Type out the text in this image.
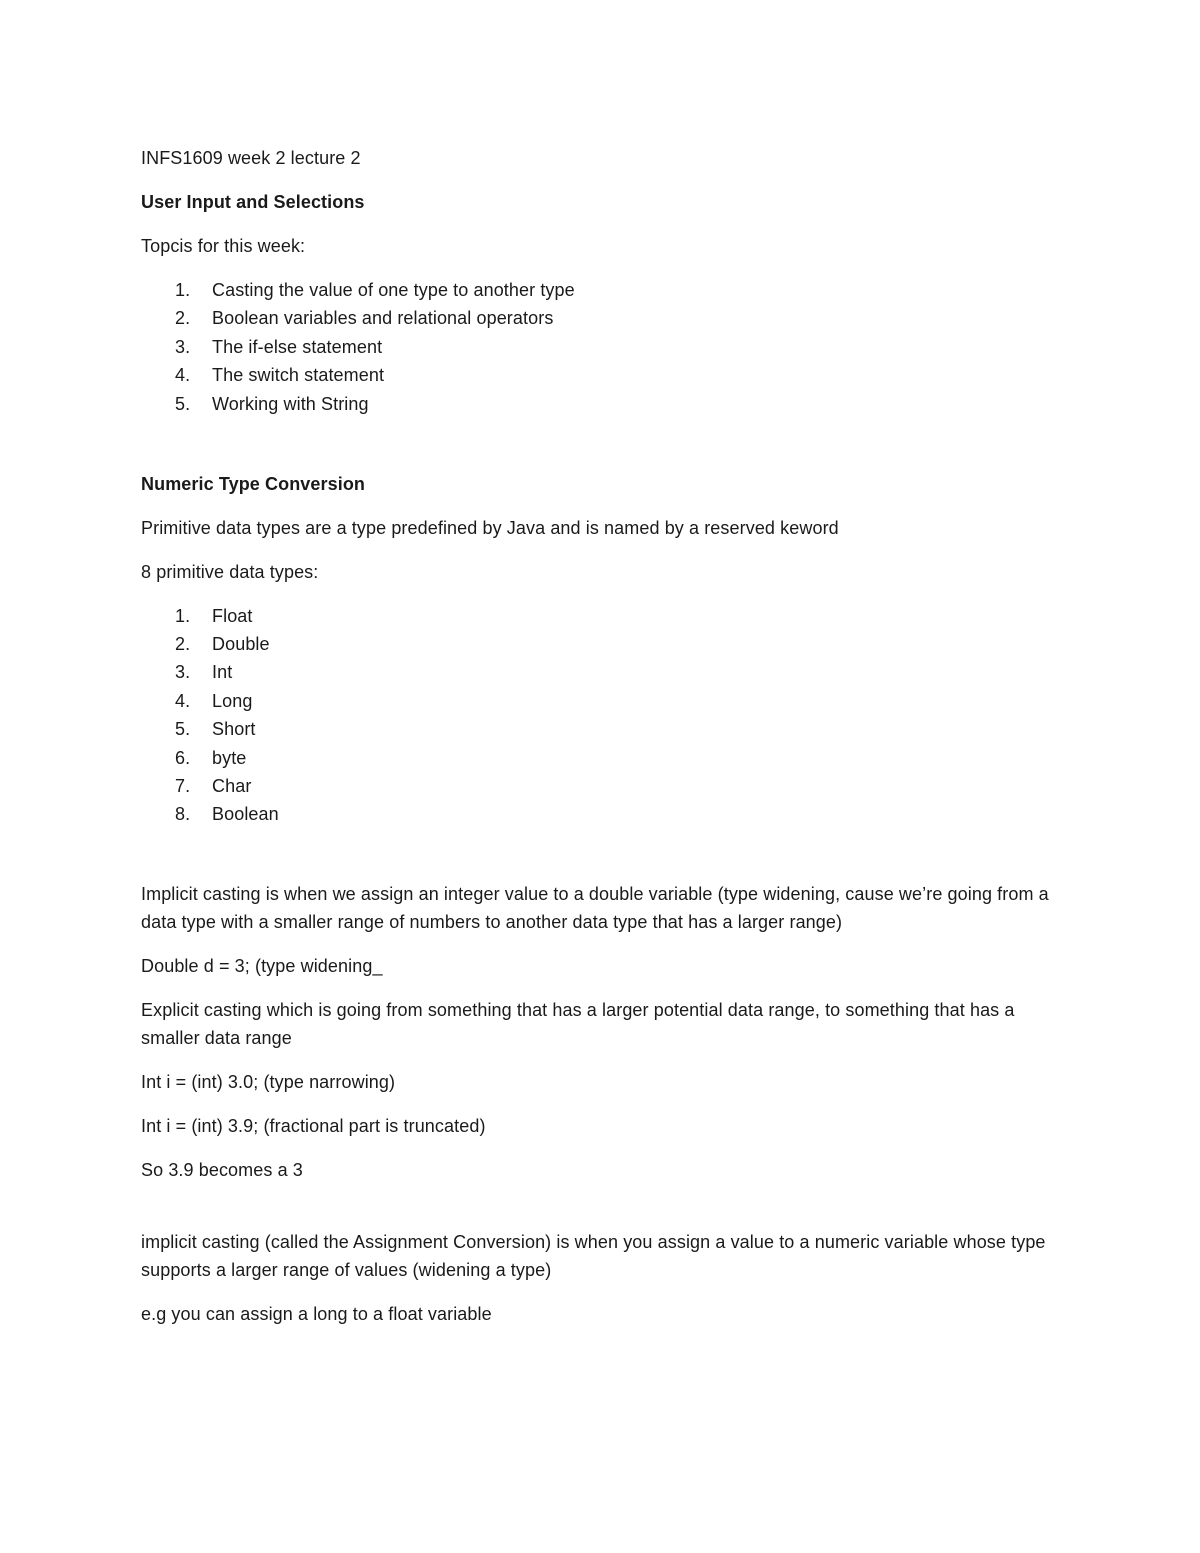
INFS1609 week 2 lecture 2

User Input and Selections

Topcis for this week:

1. Casting the value of one type to another type
2. Boolean variables and relational operators
3. The if-else statement
4. The switch statement
5. Working with String

Numeric Type Conversion

Primitive data types are a type predefined by Java and is named by a reserved keword

8 primitive data types:

1. Float
2. Double
3. Int
4. Long
5. Short
6. byte
7. Char
8. Boolean

Implicit casting is when we assign an integer value to a double variable (type widening, cause we’re going from a data type with a smaller range of numbers to another data type that has a larger range)

Double d = 3; (type widening_

Explicit casting which is going from something that has a larger potential data range, to something that has a smaller data range

Int i = (int) 3.0; (type narrowing)

Int i = (int) 3.9; (fractional part is truncated)

So 3.9 becomes a 3

implicit casting (called the Assignment Conversion) is when you assign a value to a numeric variable whose type supports a larger range of values (widening a type)

e.g you can assign a long to a float variable
